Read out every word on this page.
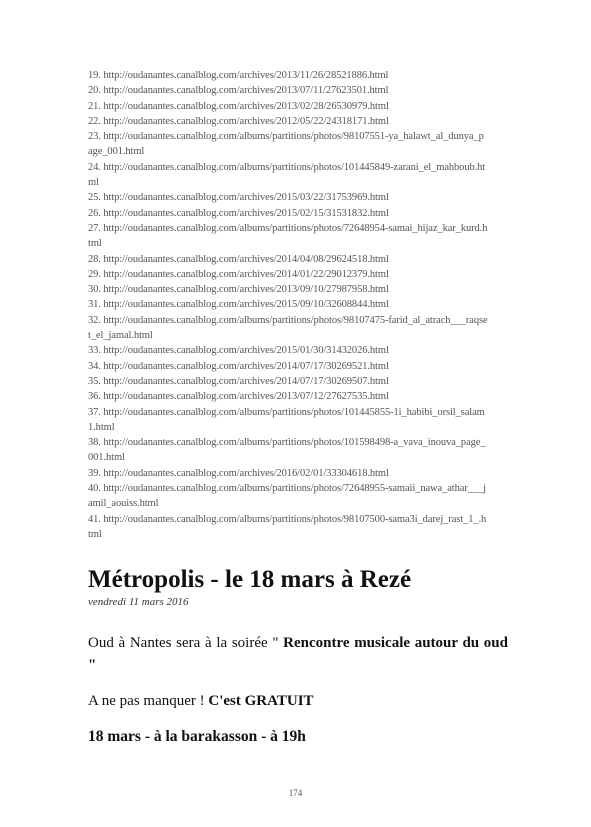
19. http://oudanantes.canalblog.com/archives/2013/11/26/28521886.html
20. http://oudanantes.canalblog.com/archives/2013/07/11/27623501.html
21. http://oudanantes.canalblog.com/archives/2013/02/28/26530979.html
22. http://oudanantes.canalblog.com/archives/2012/05/22/24318171.html
23. http://oudanantes.canalblog.com/albums/partitions/photos/98107551-ya_halawt_al_dunya_page_001.html
24. http://oudanantes.canalblog.com/albums/partitions/photos/101445849-zarani_el_mahboub.html
25. http://oudanantes.canalblog.com/archives/2015/03/22/31753969.html
26. http://oudanantes.canalblog.com/archives/2015/02/15/31531832.html
27. http://oudanantes.canalblog.com/albums/partitions/photos/72648954-samai_hijaz_kar_kurd.html
28. http://oudanantes.canalblog.com/archives/2014/04/08/29624518.html
29. http://oudanantes.canalblog.com/archives/2014/01/22/29012379.html
30. http://oudanantes.canalblog.com/archives/2013/09/10/27987958.html
31. http://oudanantes.canalblog.com/archives/2015/09/10/32608844.html
32. http://oudanantes.canalblog.com/albums/partitions/photos/98107475-farid_al_atrach___raqset_el_jamal.html
33. http://oudanantes.canalblog.com/archives/2015/01/30/31432026.html
34. http://oudanantes.canalblog.com/archives/2014/07/17/30269521.html
35. http://oudanantes.canalblog.com/archives/2014/07/17/30269507.html
36. http://oudanantes.canalblog.com/archives/2013/07/12/27627535.html
37. http://oudanantes.canalblog.com/albums/partitions/photos/101445855-1i_habibi_orsil_salam1.html
38. http://oudanantes.canalblog.com/albums/partitions/photos/101598498-a_vava_inouva_page_001.html
39. http://oudanantes.canalblog.com/archives/2016/02/01/33304618.html
40. http://oudanantes.canalblog.com/albums/partitions/photos/72648955-samaii_nawa_athar___jamil_aouiss.html
41. http://oudanantes.canalblog.com/albums/partitions/photos/98107500-sama3i_darej_rast_1_.html
Métropolis - le 18 mars à Rezé
vendredi 11 mars 2016
Oud à Nantes sera à la soirée " Rencontre musicale autour du oud "
A ne pas manquer ! C'est GRATUIT
18 mars - à la barakasson - à 19h
174
